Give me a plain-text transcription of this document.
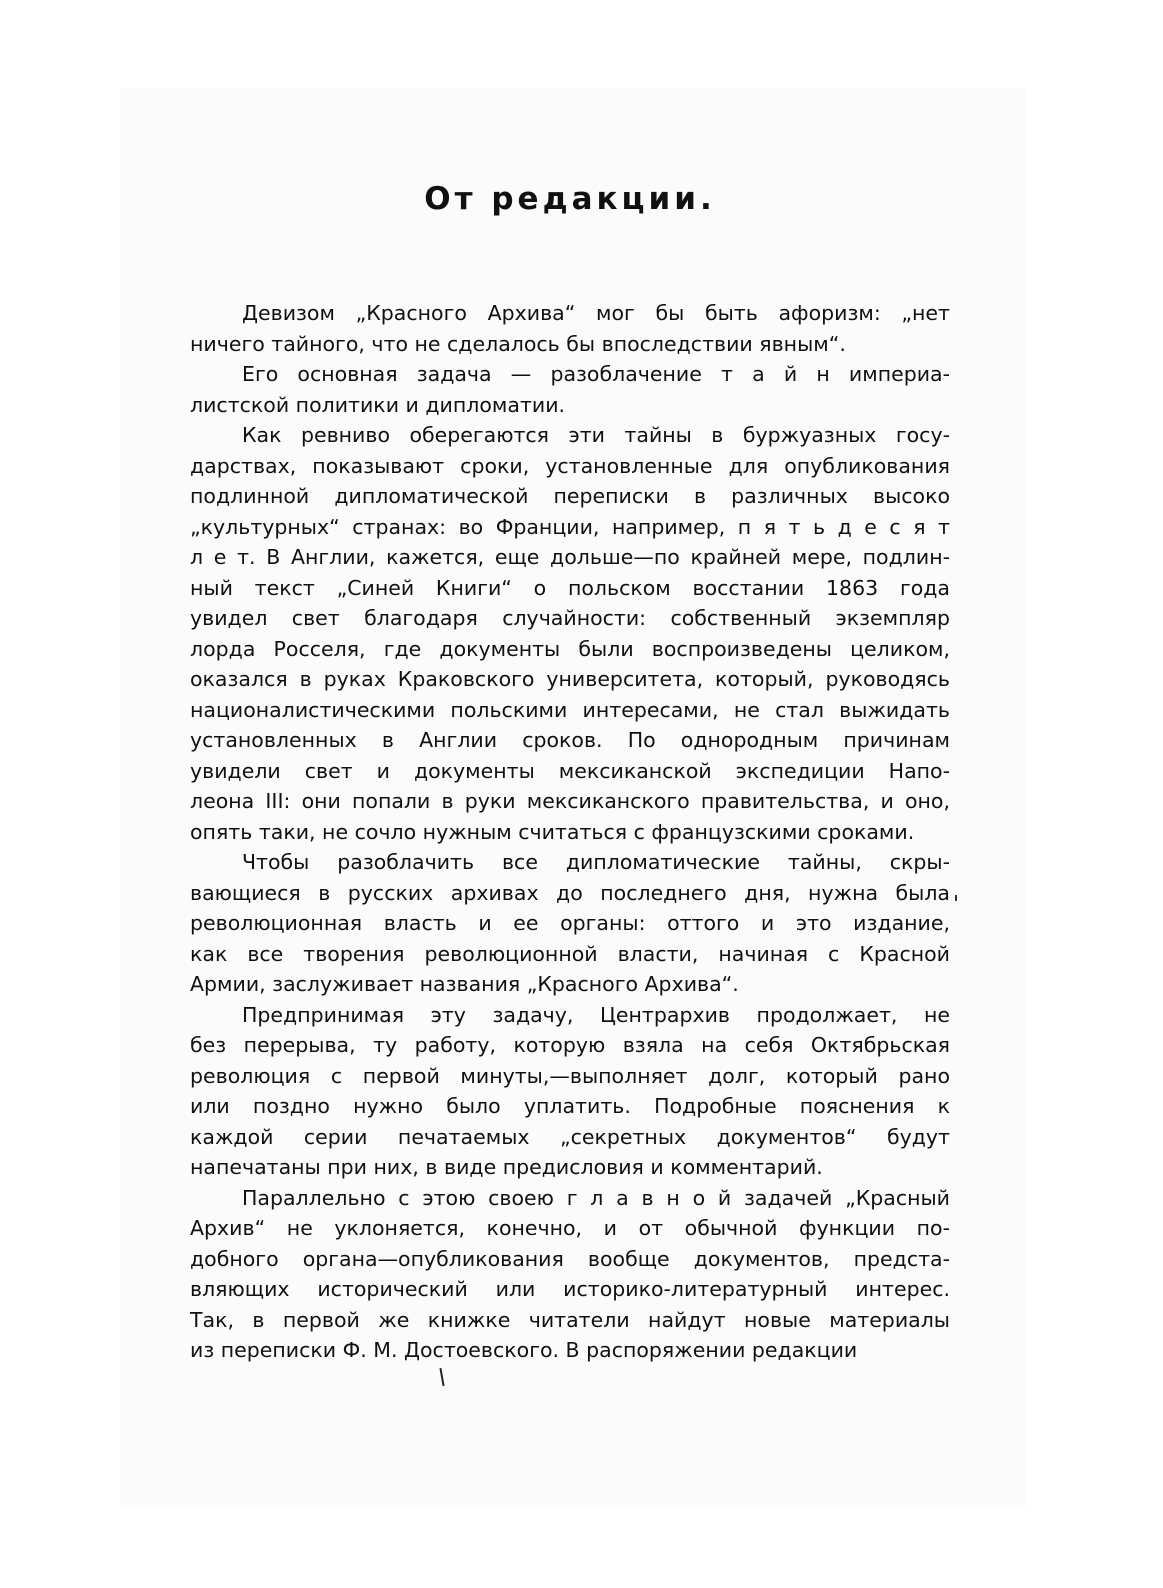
От редакции.
Девизом „Красного Архива“ мог бы быть афоризм: „нет
ничего тайного, что не сделалось бы впоследствии явным“.
Его основная задача — разоблачение т а й н империа-
листской политики и дипломатии.
Как ревниво оберегаются эти тайны в буржуазных госу-
дарствах, показывают сроки, установленные для опубликования
подлинной дипломатической переписки в различных высоко
„культурных“ странах: во Франции, например, п я т ь д е с я т
л е т. В Англии, кажется, еще дольше—по крайней мере, подлин-
ный текст „Синей Книги“ о польском восстании 1863 года
увидел свет благодаря случайности: собственный экземпляр
лорда Росселя, где документы были воспроизведены целиком,
оказался в руках Краковского университета, который, руководясь
националистическими польскими интересами, не стал выжидать
установленных в Англии сроков. По однородным причинам
увидели свет и документы мексиканской экспедиции Напо-
леона III: они попали в руки мексиканского правительства, и оно,
опять таки, не сочло нужным считаться с французскими сроками.
Чтобы разоблачить все дипломатические тайны, скры-
вающиеся в русских архивах до последнего дня, нужна была
революционная власть и ее органы: оттого и это издание,
как все творения революционной власти, начиная с Красной
Армии, заслуживает названия „Красного Архива“.
Предпринимая эту задачу, Центрархив продолжает, не
без перерыва, ту работу, которую взяла на себя Октябрьская
революция с первой минуты,—выполняет долг, который рано
или поздно нужно было уплатить. Подробные пояснения к
каждой серии печатаемых „секретных документов“ будут
напечатаны при них, в виде предисловия и комментарий.
Параллельно с этою своею г л а в н о й задачей „Красный
Архив“ не уклоняется, конечно, и от обычной функции по-
добного органа—опубликования вообще документов, предста-
вляющих исторический или историко-литературный интерес.
Так, в первой же книжке читатели найдут новые материалы
из переписки Ф. М. Достоевского. В распоряжении редакции
